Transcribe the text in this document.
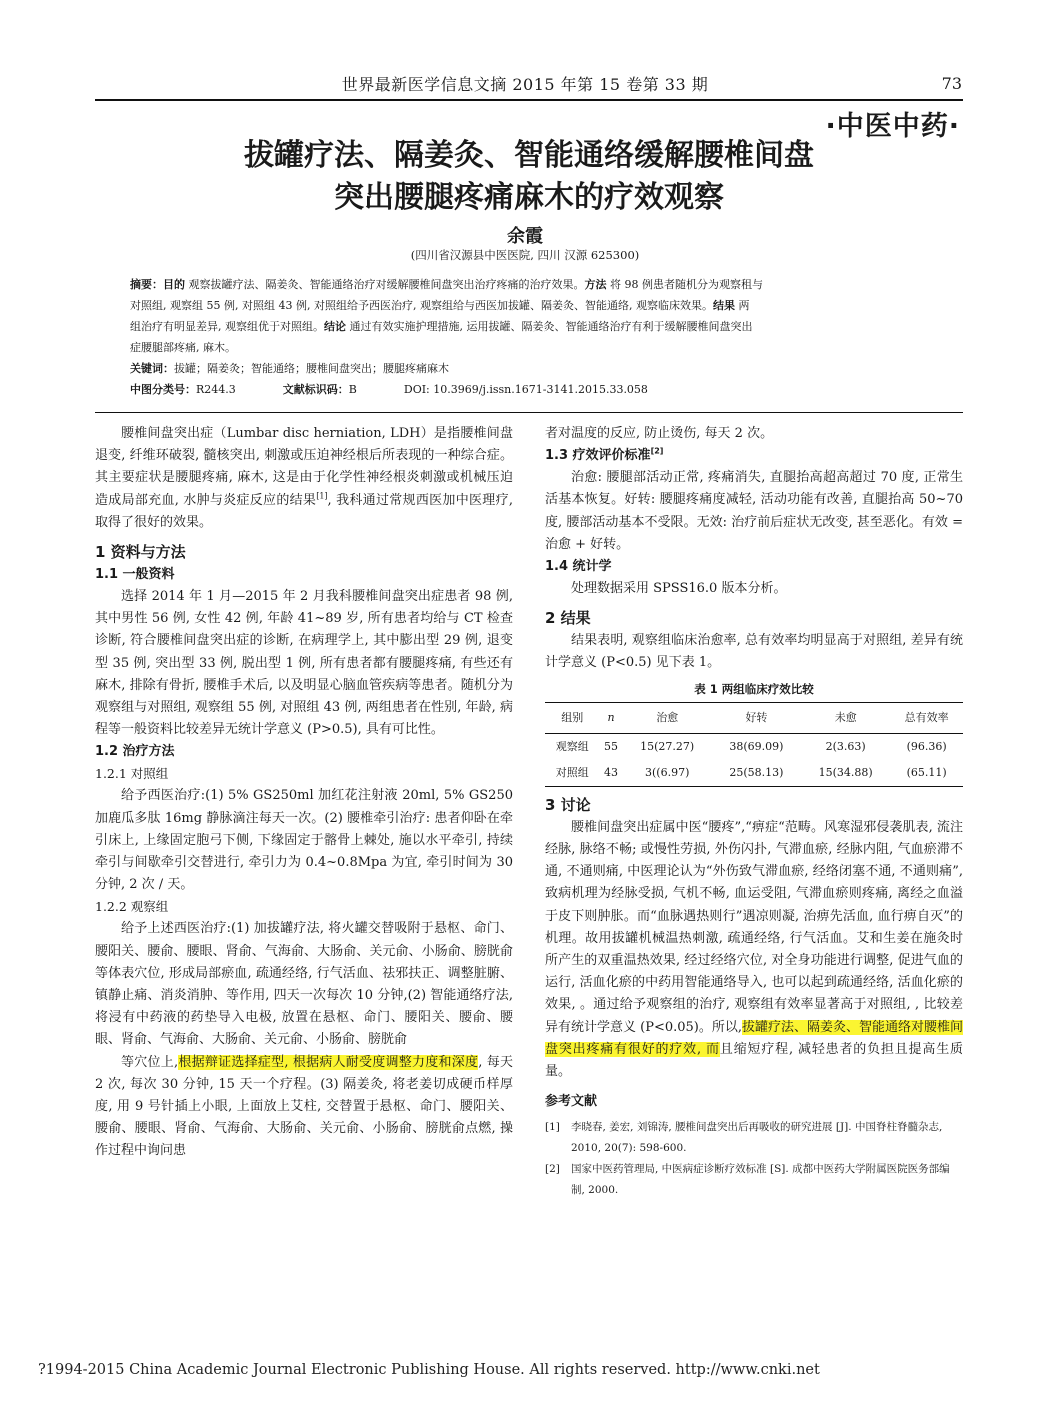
世界最新医学信息文摘 2015 年第 15 卷第 33 期	73
·中医中药·
拔罐疗法、隔姜灸、智能通络缓解腰椎间盘
突出腰腿疼痛麻木的疗效观察
余霞
(四川省汉源县中医医院, 四川 汉源 625300)
摘要：目的 观察拔罐疗法、隔姜灸、智能通络治疗对缓解腰椎间盘突出治疗疼痛的治疗效果。方法 将 98 例患者随机分为观察租与
对照组, 观察组 55 例, 对照组 43 例, 对照组给予西医治疗, 观察组给与西医加拔罐、隔姜灸、智能通络, 观察临床效果。结果 两
组治疗有明显差异, 观察组优于对照组。结论 通过有效实施护理措施, 运用拔罐、隔姜灸、智能通络治疗有利于缓解腰椎间盘突出
症腰腿部疼痛, 麻木。
关键词：拔罐；隔姜灸；智能通络；腰椎间盘突出；腰腿疼痛麻木
中图分类号：R244.3	文献标识码：B	DOI: 10.3969/j.issn.1671-3141.2015.33.058

腰椎间盘突出症（Lumbar disc herniation, LDH）是指腰椎间盘退变, 纤维环破裂, 髓核突出, 刺激或压迫神经根后所表现的一种综合症。其主要症状是腰腿疼痛, 麻木, 这是由于化学性神经根炎刺激或机械压迫造成局部充血, 水肿与炎症反应的结果[1], 我科通过常规西医加中医理疗, 取得了很好的效果。

1 资料与方法
1.1 一般资料

选择 2014 年 1 月—2015 年 2 月我科腰椎间盘突出症患者 98 例, 其中男性 56 例, 女性 42 例, 年龄 41~89 岁, 所有患者均给与 CT 检查诊断, 符合腰椎间盘突出症的诊断, 在病理学上, 其中膨出型 29 例, 退变型 35 例, 突出型 33 例, 脱出型 1 例, 所有患者都有腰腿疼痛, 有些还有麻木, 排除有骨折, 腰椎手术后, 以及明显心脑血管疾病等患者。随机分为观察组与对照组, 观察组 55 例, 对照组 43 例, 两组患者在性别, 年龄, 病程等一般资料比较差异无统计学意义 (P>0.5), 具有可比性。

1.2 治疗方法
1.2.1 对照组

给予西医治疗:(1) 5% GS250ml 加红花注射液 20ml, 5% GS250 加鹿瓜多肽 16mg 静脉滴注每天一次。(2) 腰椎牵引治疗: 患者仰卧在牵引床上, 上缘固定胞弓下侧, 下缘固定于髂骨上棘处, 施以水平牵引, 持续牵引与间歇牵引交替进行, 牵引力为 0.4~0.8Mpa 为宜, 牵引时间为 30 分钟, 2 次 / 天。

1.2.2 观察组

给予上述西医治疗:(1) 加拔罐疗法, 将火罐交替吸附于悬枢、命门、腰阳关、腰俞、腰眼、肾俞、气海俞、大肠俞、关元俞、小肠俞、膀胱俞等体表穴位, 形成局部瘀血, 疏通经络, 行气活血、祛邪扶正、调整脏腑、镇静止痛、消炎消肿、等作用, 四天一次每次 10 分钟,(2) 智能通络疗法, 将浸有中药液的药垫导入电极, 放置在悬枢、命门、腰阳关、腰俞、腰眼、肾俞、气海俞、大肠俞、关元俞、小肠俞、膀胱俞

等穴位上,根据辩证选择症型, 根据病人耐受度调整力度和深度, 每天 2 次, 每次 30 分钟, 15 天一个疗程。(3) 隔姜灸, 将老姜切成硬币样厚度, 用 9 号针插上小眼, 上面放上艾柱, 交替置于悬枢、命门、腰阳关、腰俞、腰眼、肾俞、气海俞、大肠俞、关元俞、小肠俞、膀胱俞点燃, 操作过程中询问患

者对温度的反应, 防止烫伤, 每天 2 次。

1.3 疗效评价标准[2]

治愈: 腰腿部活动正常, 疼痛消失, 直腿抬高超高超过 70 度, 正常生活基本恢复。好转: 腰腿疼痛度减轻, 活动功能有改善, 直腿抬高 50~70 度, 腰部活动基本不受限。无效: 治疗前后症状无改变, 甚至恶化。有效 = 治愈 + 好转。

1.4 统计学

处理数据采用 SPSS16.0 版本分析。

2 结果

结果表明, 观察组临床治愈率, 总有效率均明显高于对照组, 差异有统计学意义 (P<0.5) 见下表 1。

表 1 两组临床疗效比较
组别	n	治愈	好转	未愈	总有效率
观察组	55	15(27.27)	38(69.09)	2(3.63)	(96.36)
对照组	43	3((6.97)	25(58.13)	15(34.88)	(65.11)
3 讨论

腰椎间盘突出症属中医“腰疼”,“痹症“范畴。风寒湿邪侵袭肌表, 流注经脉, 脉络不畅; 或慢性劳损, 外伤闪扑, 气滞血瘀, 经脉内阻, 气血瘀滞不通, 不通则痛, 中医理论认为“外伤致气滞血瘀, 经络闭塞不通, 不通则痛”, 致病机理为经脉受损, 气机不畅, 血运受阻, 气滞血瘀则疼痛, 离经之血溢于皮下则肿胀。而“血脉遇热则行”遇凉则凝, 治痹先活血, 血行痹自灭”的机理。故用拔罐机械温热刺激, 疏通经络, 行气活血。艾和生姜在施灸时所产生的双重温热效果, 经过经络穴位, 对全身功能进行调整, 促进气血的运行, 活血化瘀的中药用智能通络导入, 也可以起到疏通经络, 活血化瘀的效果, 。通过给予观察组的治疗, 观察组有效率显著高于对照组, , 比较差异有统计学意义 (P<0.05)。所以,拔罐疗法、隔姜灸、智能通络对腰椎间盘突出疼痛有很好的疗效, 而且缩短疗程, 减轻患者的负担且提高生质量。

参考文献
[1]	李晓春, 姜宏, 刘锦涛, 腰椎间盘突出后再吸收的研究进展 [J]. 中国脊柱脊髓杂志, 2010, 20(7): 598-600.
[2]	国家中医药管理局, 中医病症诊断疗效标准 [S]. 成都中医药大学附属医院医务部编制, 2000.
?1994-2015 China Academic Journal Electronic Publishing House. All rights reserved. http://www.cnki.net
